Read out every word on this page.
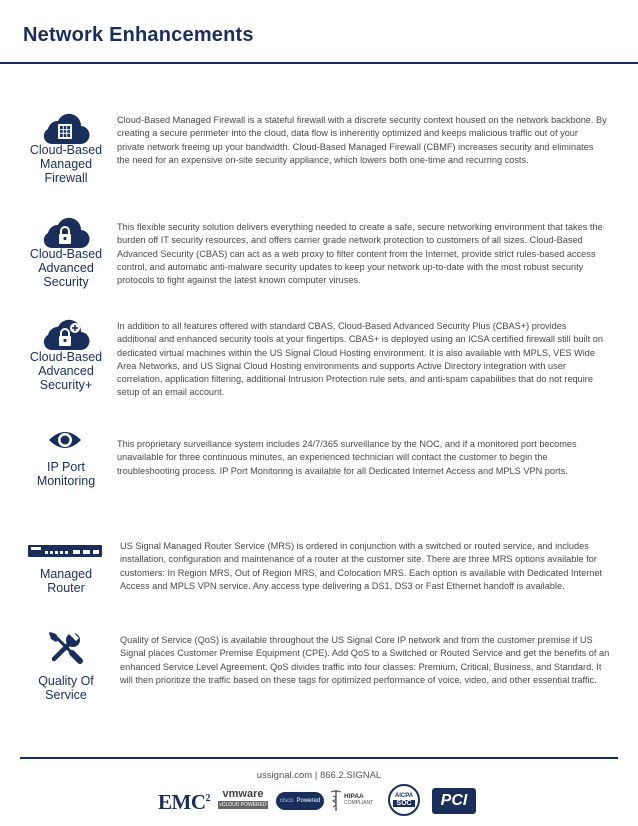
Network Enhancements
Cloud-Based
Managed
Firewall

Cloud-Based Managed Firewall is a stateful firewall with a discrete security context housed on the network backbone. By creating a secure perimeter into the cloud, data flow is inherently optimized and keeps malicious traffic out of your private network freeing up your bandwidth. Cloud-Based Managed Firewall (CBMF) increases security and eliminates the need for an expensive on-site security appliance, which lowers both one-time and recurring costs.

Cloud-Based
Advanced
Security

This flexible security solution delivers everything needed to create a safe, secure networking environment that takes the burden off IT security resources, and offers carrier grade network protection to customers of all sizes. Cloud-Based Advanced Security (CBAS) can act as a web proxy to filter content from the Internet, provide strict rules-based access control, and automatic anti-malware security updates to keep your network up-to-date with the most robust security protocols to fight against the latest known computer viruses.

Cloud-Based
Advanced
Security+

In addition to all features offered with standard CBAS, Cloud-Based Advanced Security Plus (CBAS+) provides additional and enhanced security tools at your fingertips. CBAS+ is deployed using an ICSA certified firewall still built on dedicated virtual machines within the US Signal Cloud Hosting environment. It is also available with MPLS, VES Wide Area Networks, and US Signal Cloud Hosting environments and supports Active Directory integration with user correlation, application filtering, additional Intrusion Protection rule sets, and anti-spam capabilities that do not require setup of an email account.

IP Port
Monitoring

This proprietary surveillance system includes 24/7/365 surveillance by the NOC, and if a monitored port becomes unavailable for three continuous minutes, an experienced technician will contact the customer to begin the troubleshooting process. IP Port Monitoring is available for all Dedicated Internet Access and MPLS VPN ports.

Managed
Router

US Signal Managed Router Service (MRS) is ordered in conjunction with a switched or routed service, and includes installation, configuration and maintenance of a router at the customer site. There are three MRS options available for customers: In Region MRS, Out of Region MRS, and Colocation MRS. Each option is available with Dedicated Internet Access and MPLS VPN service. Any access type delivering a DS1, DS3 or Fast Ethernet handoff is available.

Quality Of
Service

Quality of Service (QoS) is available throughout the US Signal Core IP network and from the customer premise if US Signal places Customer Premise Equipment (CPE). Add QoS to a Switched or Routed Service and get the benefits of an enhanced Service Level Agreement. QoS divides traffic into four classes: Premium, Critical, Business, and Standard. It will then prioritize the traffic based on these tags for optimized performance of voice, video, and other essential traffic.

ussignal.com | 866.2.SIGNAL
EMC$^2$	vmware
vCLOUD POWERED
cisco Powered
HIPAA
COMPLIANT
AICPA
SOC PCI
